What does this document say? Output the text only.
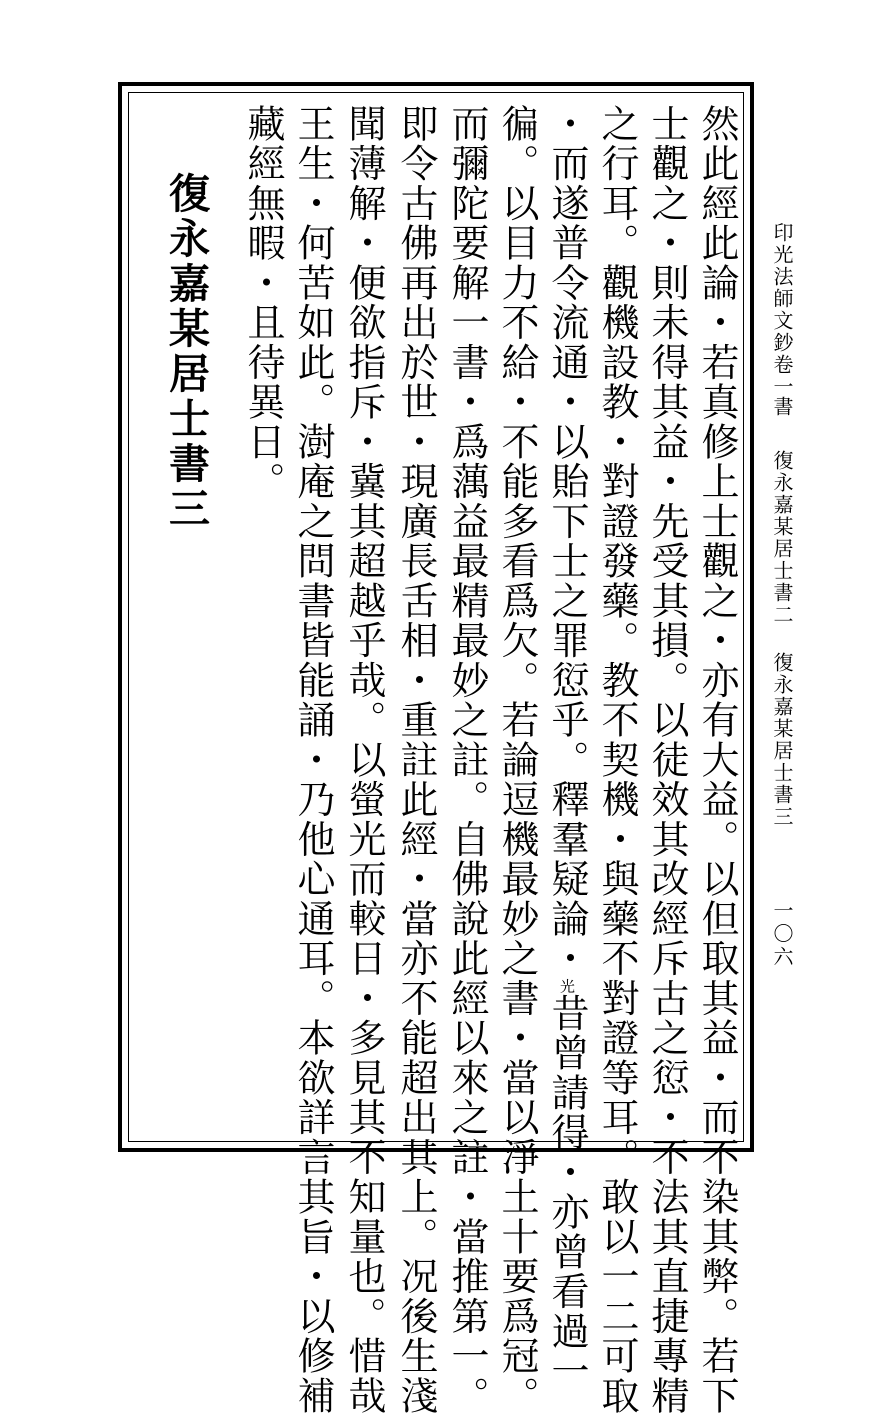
印光法師文鈔卷一
書
復永嘉某居士書二
復永嘉某居士書三
一〇六
然此經此論・若真修上士觀之・亦有大益。以但取其益・而不染其弊。若下
士觀之・則未得其益・先受其損。以徒效其改經斥古之愆・不法其直捷專精
之行耳。觀機設教・對證發藥。教不契機・與藥不對證等耳。敢以一二可取
・而遂普令流通・以貽下士之罪愆乎。釋羣疑論・光昔曾請得・亦曾看過一
徧。以目力不給・不能多看爲欠。若論逗機最妙之書・當以淨土十要爲冠。
而彌陀要解一書・爲蕅益最精最妙之註。自佛說此經以來之註・當推第一。
即令古佛再出於世・現廣長舌相・重註此經・當亦不能超出其上。况後生淺
聞薄解・便欲指斥・冀其超越乎哉。以螢光而較日・多見其不知量也。惜哉
王生・何苦如此。澍庵之問書皆能誦・乃他心通耳。本欲詳言其旨・以修補
藏經無暇・且待異日。
復永嘉某居士書三
